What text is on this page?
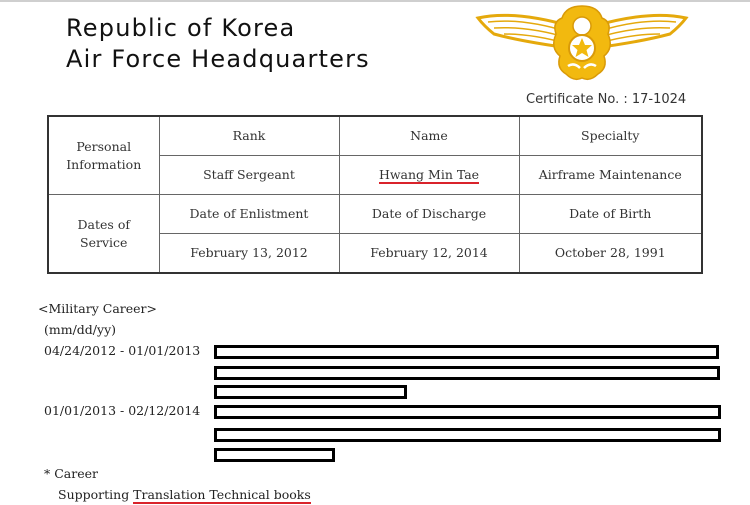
Republic of Korea
Air Force Headquarters
Certificate No. : 17-1024
Personal
Information	Rank	Name	Specialty
	Staff Sergeant	Hwang Min Tae	Airframe Maintenance
Dates of
Service	Date of Enlistment	Date of Discharge	Date of Birth
	February 13, 2012	February 12, 2014	October 28, 1991
<Military Career>
(mm/dd/yy)
04/24/2012 - 01/01/2013
01/01/2013 - 02/12/2014
* Career
Supporting Translation Technical books
